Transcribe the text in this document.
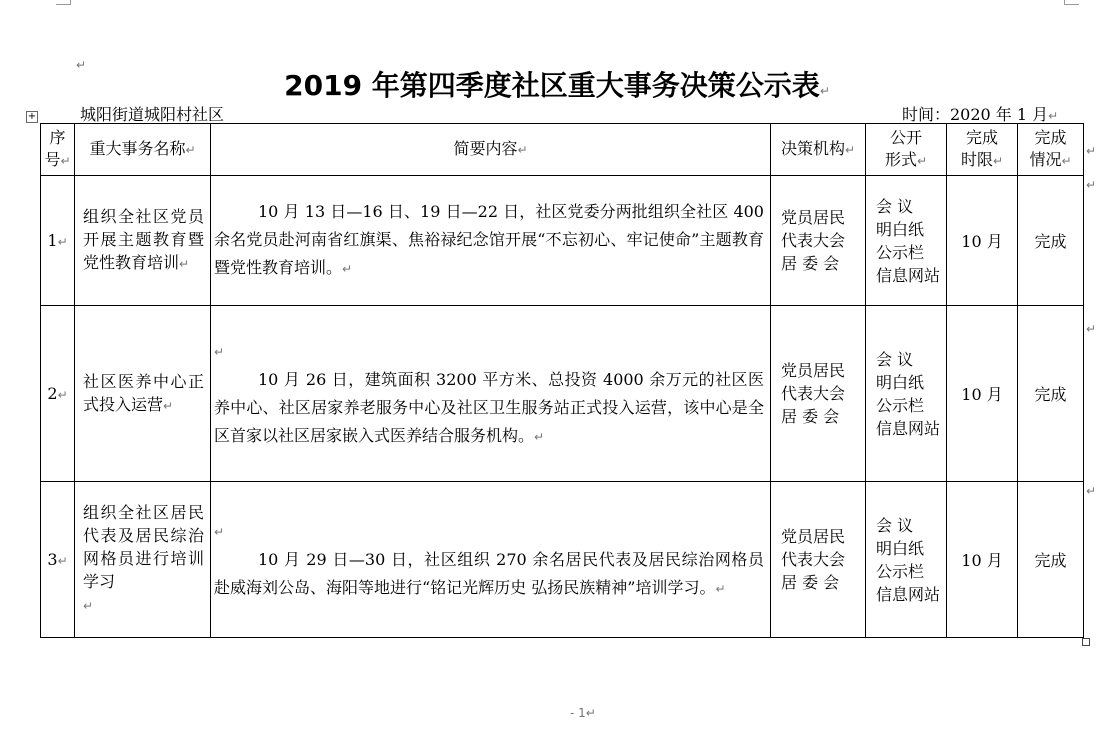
↵
2019 年第四季度社区重大事务决策公示表↵
城阳街道城阳村社区	时间：2020 年 1 月↵
+
序
号↵	重大事务名称↵	简要内容↵	决策机构↵	公开
形式↵	完成
时限↵	完成
情况↵
1↵	组织全社区党员开展主题教育暨党性教育培训↵	10 月 13 日—16 日、19 日—22 日，社区党委分两批组织全社区 400 余名党员赴河南省红旗渠、焦裕禄纪念馆开展“不忘初心、牢记使命”主题教育暨党性教育培训。↵	党员居民
代表大会
居 委 会	会 议
明白纸
公示栏
信息网站	10 月	完成
2↵	社区医养中心正式投入运营↵	↵
10 月 26 日，建筑面积 3200 平方米、总投资 4000 余万元的社区医养中心、社区居家养老服务中心及社区卫生服务站正式投入运营，该中心是全区首家以社区居家嵌入式医养结合服务机构。↵	党员居民
代表大会
居 委 会	会 议
明白纸
公示栏
信息网站	10 月	完成
3↵	组织全社区居民代表及居民综治网格员进行培训学习
↵	↵
10 月 29 日—30 日，社区组织 270 余名居民代表及居民综治网格员赴威海刘公岛、海阳等地进行“铭记光辉历史 弘扬民族精神”培训学习。↵	党员居民
代表大会
居 委 会	会 议
明白纸
公示栏
信息网站	10 月	完成
↵
↵
↵
↵
- 1↵
